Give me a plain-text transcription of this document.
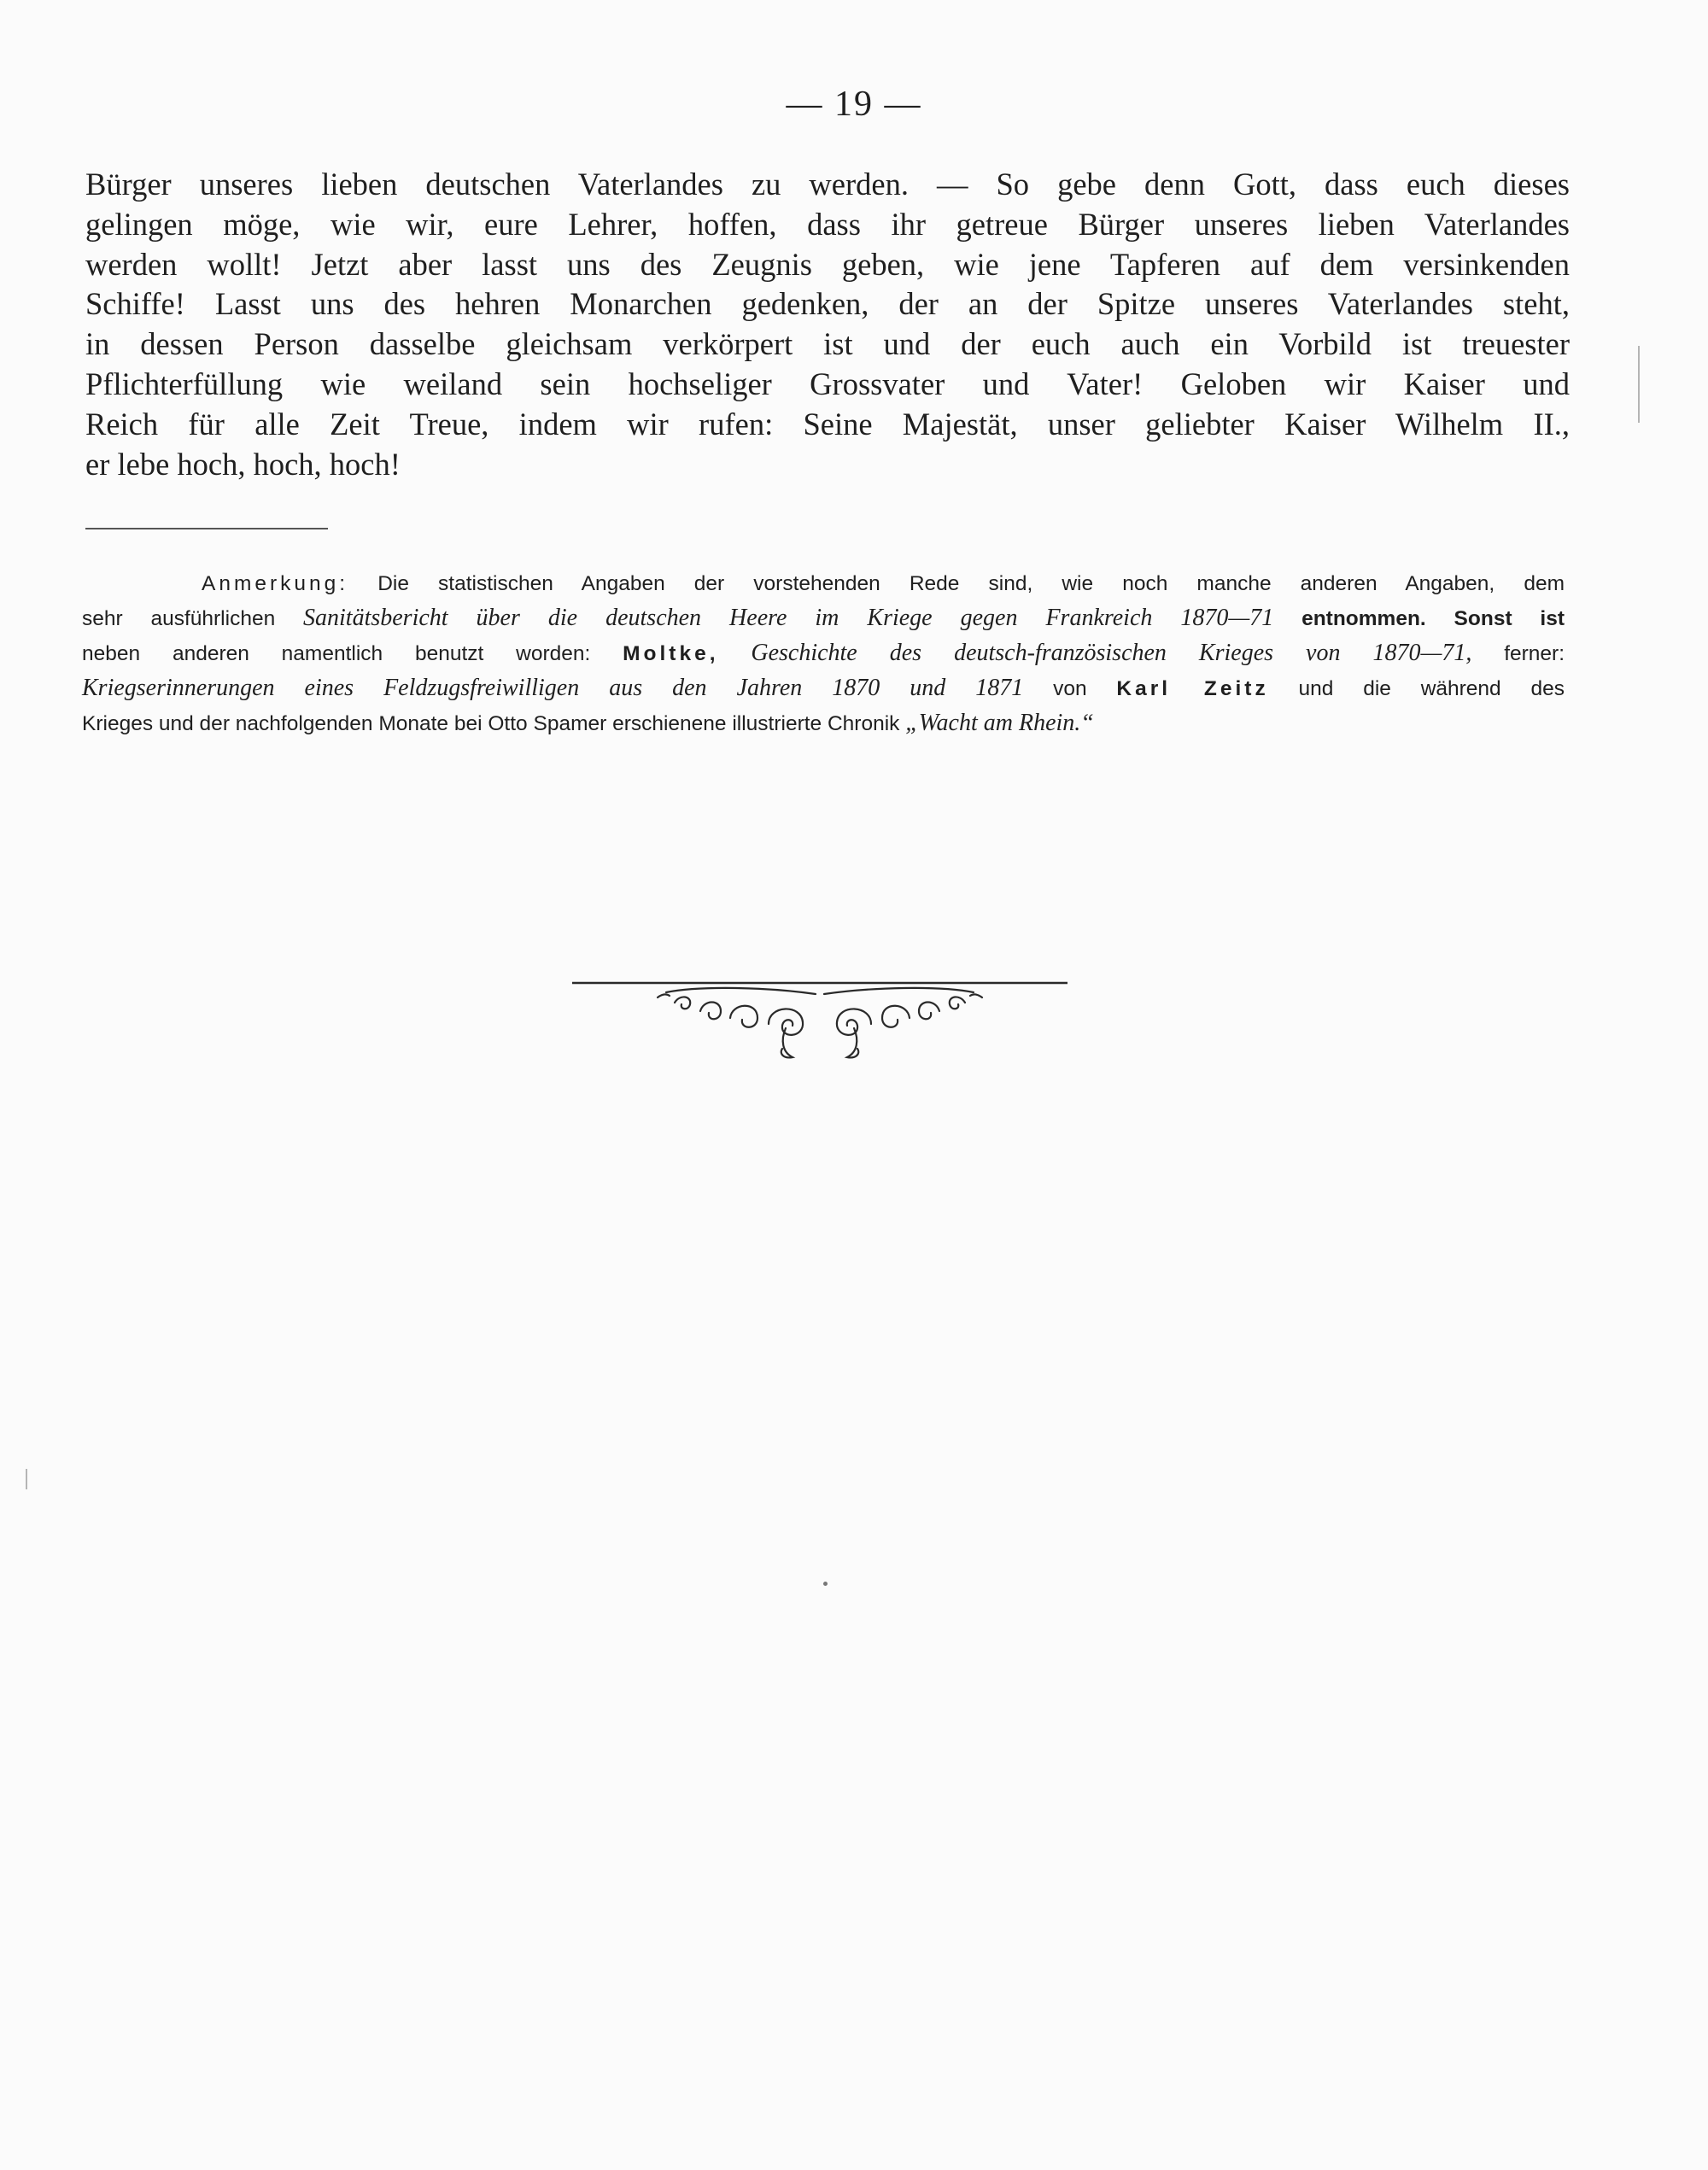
— 19 —
Bürger unseres lieben deutschen Vaterlandes zu werden. — So gebe denn Gott, dass euch dieses
gelingen möge, wie wir, eure Lehrer, hoffen, dass ihr getreue Bürger unseres lieben Vaterlandes
werden wollt! Jetzt aber lasst uns des Zeugnis geben, wie jene Tapferen auf dem versinkenden
Schiffe! Lasst uns des hehren Monarchen gedenken, der an der Spitze unseres Vaterlandes steht,
in dessen Person dasselbe gleichsam verkörpert ist und der euch auch ein Vorbild ist treuester
Pflichterfüllung wie weiland sein hochseliger Grossvater und Vater! Geloben wir Kaiser und
Reich für alle Zeit Treue, indem wir rufen: Seine Majestät, unser geliebter Kaiser Wilhelm II.,
er lebe hoch, hoch, hoch!
Anmerkung: Die statistischen Angaben der vorstehenden Rede sind, wie noch manche anderen Angaben, dem
sehr ausführlichen Sanitätsbericht über die deutschen Heere im Kriege gegen Frankreich 1870—71 entnommen. Sonst ist
neben anderen namentlich benutzt worden: Moltke, Geschichte des deutsch-französischen Krieges von 1870—71, ferner:
Kriegserinnerungen eines Feldzugsfreiwilligen aus den Jahren 1870 und 1871 von Karl Zeitz und die während des
Krieges und der nachfolgenden Monate bei Otto Spamer erschienene illustrierte Chronik „Wacht am Rhein.“
